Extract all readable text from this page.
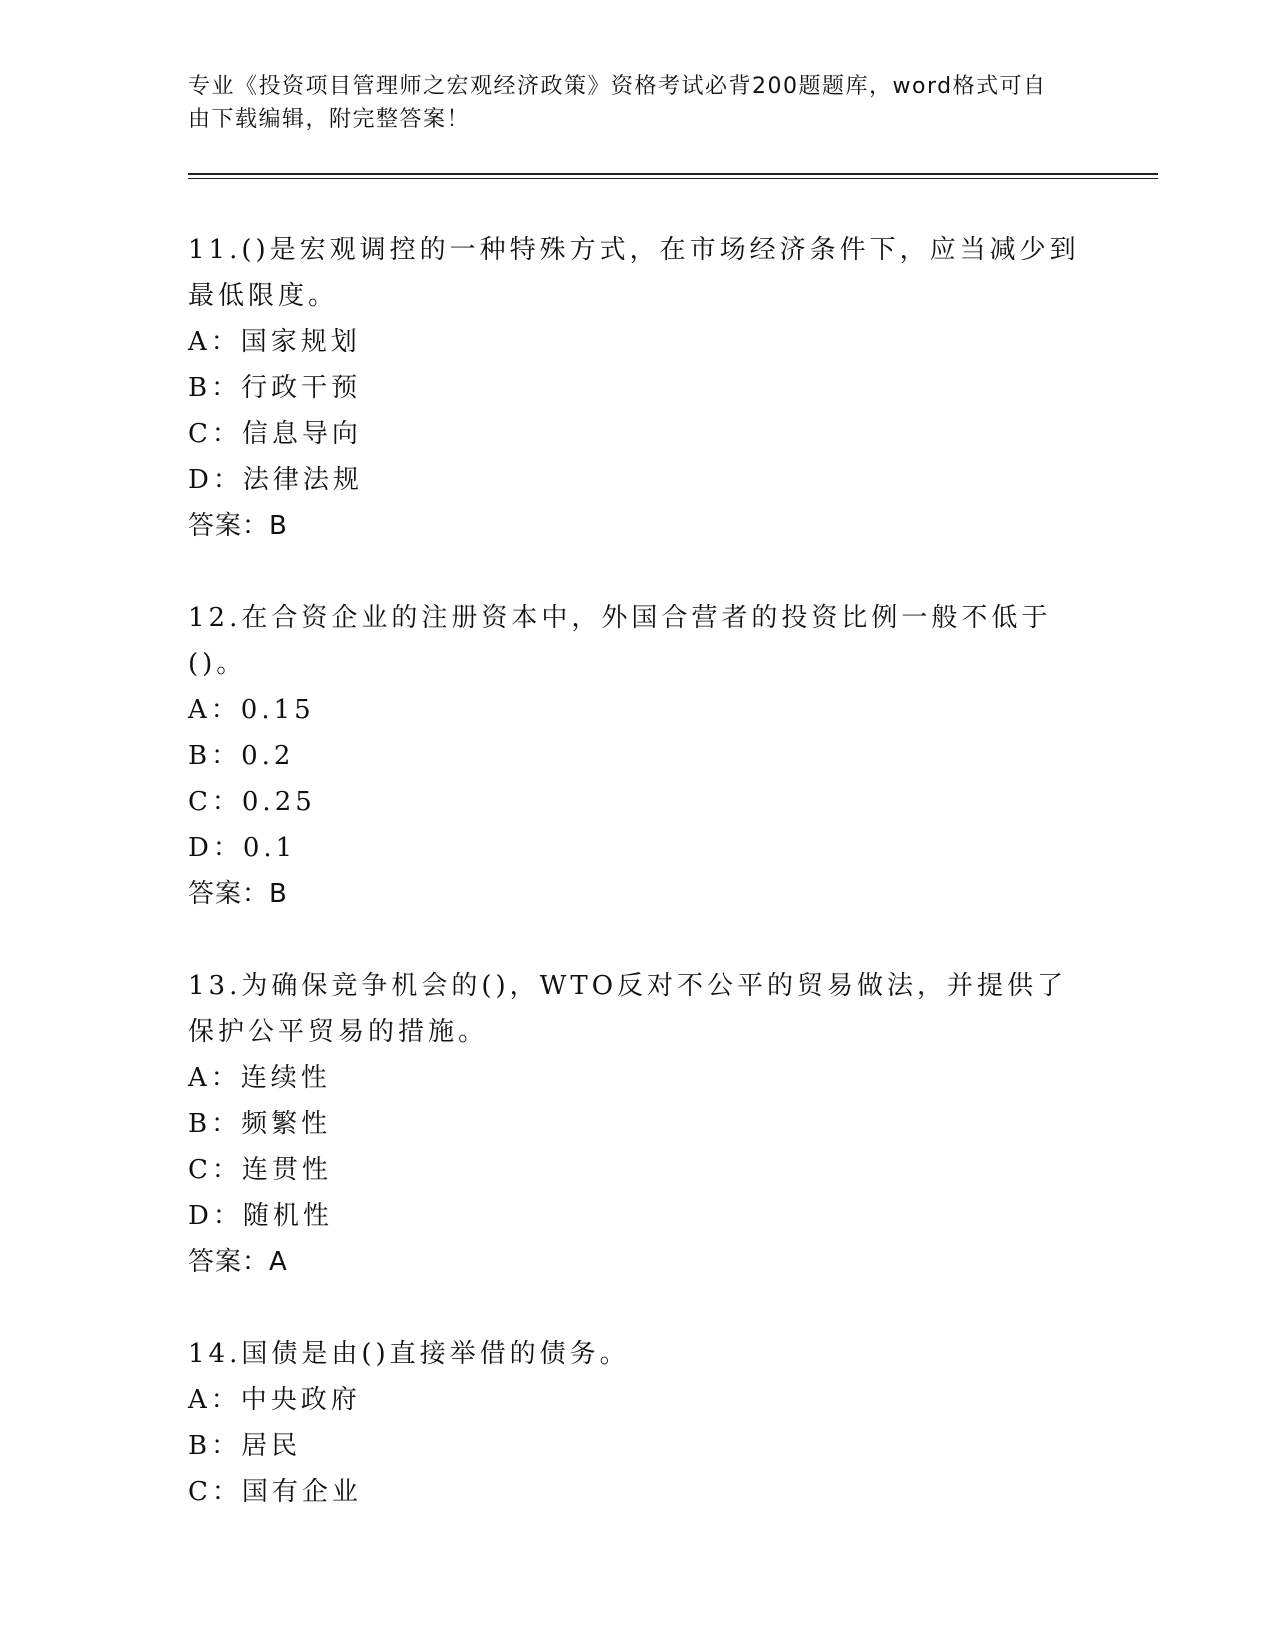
专业《投资项目管理师之宏观经济政策》资格考试必背200题题库，word格式可自由下载编辑，附完整答案！
11.()是宏观调控的一种特殊方式，在市场经济条件下，应当减少到最低限度。
A：国家规划
B：行政干预
C：信息导向
D：法律法规
答案：B
12.在合资企业的注册资本中，外国合营者的投资比例一般不低于()。
A：0.15
B：0.2
C：0.25
D：0.1
答案：B
13.为确保竞争机会的()，WTO反对不公平的贸易做法，并提供了保护公平贸易的措施。
A：连续性
B：频繁性
C：连贯性
D：随机性
答案：A
14.国债是由()直接举借的债务。
A：中央政府
B：居民
C：国有企业
